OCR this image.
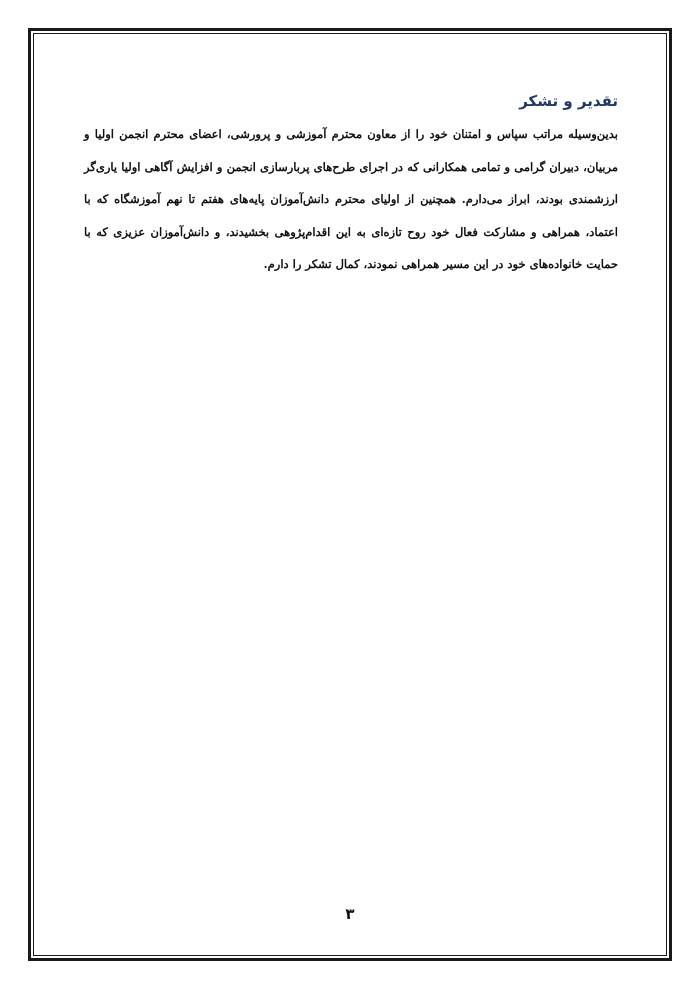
تقدیر و تشکر

بدین‌وسیله مراتب سپاس و امتنان خود را از معاون محترم آموزشی و پرورشی، اعضای محترم انجمن اولیا و مربیان، دبیران گرامی و تمامی همکارانی که در اجرای طرح‌های پربارسازی انجمن و افزایش آگاهی اولیا یاری‌گر ارزشمندی بودند، ابراز می‌دارم. همچنین از اولیای محترم دانش‌آموزان پایه‌های هفتم تا نهم آموزشگاه که با اعتماد، همراهی و مشارکت فعال خود روح تازه‌ای به این اقدام‌پژوهی بخشیدند، و دانش‌آموزان عزیزی که با حمایت خانواده‌های خود در این مسیر همراهی نمودند، کمال تشکر را دارم.

۳
